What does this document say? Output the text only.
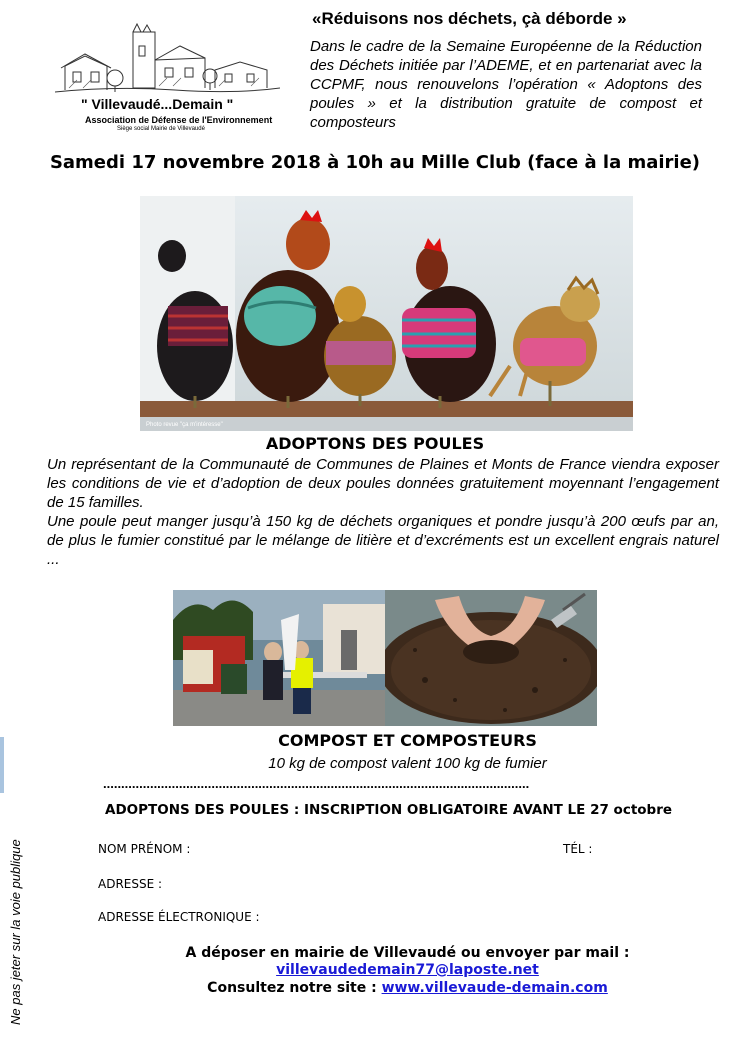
" Villevaudé...Demain "
Association de Défense de l'Environnement
Siège social Mairie de Villevaudé
«Réduisons nos déchets, çà déborde »
Dans le cadre de la Semaine Européenne de la Réduction des Déchets initiée par l’ADEME, et en partenariat avec la CCPMF, nous renouvelons l’opération « Adoptons des poules » et la distribution gratuite de compost et composteurs
Samedi 17 novembre 2018 à 10h au Mille Club (face à la mairie)
Photo revue "ça m'intéresse"
ADOPTONS DES POULES

Un représentant de la Communauté de Communes de Plaines et Monts de France viendra exposer les conditions de vie et d’adoption de deux poules données gratuitement moyennant l’engagement de 15 familles.

Une poule peut manger jusqu’à 150 kg de déchets organiques et pondre jusqu’à 200 œufs par an, de plus le fumier constitué par le mélange de litière et d’excréments est un excellent engrais naturel ...

COMPOST ET COMPOSTEURS
10 kg de compost valent 100 kg de fumier
......................................................................................................................
ADOPTONS DES POULES : INSCRIPTION OBLIGATOIRE AVANT LE 27 octobre
NOM PRÉNOM :	TÉL :
ADRESSE :
ADRESSE ÉLECTRONIQUE :
A déposer en mairie de Villevaudé ou envoyer par mail :
villevaudedemain77@laposte.net
Consultez notre site : www.villevaude-demain.com
Ne pas jeter sur la voie publique
